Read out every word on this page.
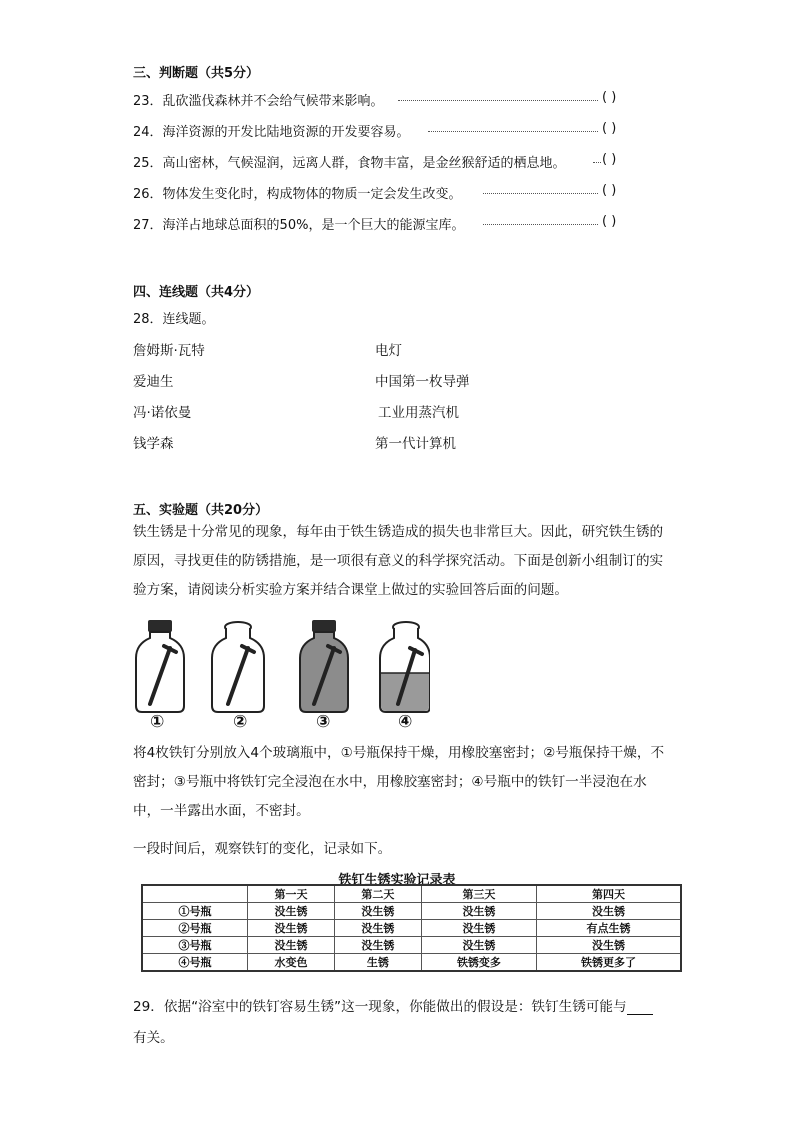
三、判断题（共5分）
23．乱砍滥伐森林并不会给气候带来影响。	( )
24．海洋资源的开发比陆地资源的开发要容易。	( )
25．高山密林，气候湿润，远离人群，食物丰富，是金丝猴舒适的栖息地。	( )
26．物体发生变化时，构成物体的物质一定会发生改变。	( )
27．海洋占地球总面积的50%，是一个巨大的能源宝库。	( )
四、连线题（共4分）
28．连线题。
詹姆斯·瓦特
爱迪生
冯·诺依曼
钱学森
电灯
中国第一枚导弹
工业用蒸汽机
第一代计算机
五、实验题（共20分）
铁生锈是十分常见的现象，每年由于铁生锈造成的损失也非常巨大。因此，研究铁生锈的原因，寻找更佳的防锈措施，是一项很有意义的科学探究活动。下面是创新小组制订的实验方案，请阅读分析实验方案并结合课堂上做过的实验回答后面的问题。
①	②	③	④
将4枚铁钉分别放入4个玻璃瓶中，①号瓶保持干燥，用橡胶塞密封；②号瓶保持干燥，不密封；③号瓶中将铁钉完全浸泡在水中，用橡胶塞密封；④号瓶中的铁钉一半浸泡在水中，一半露出水面，不密封。
一段时间后，观察铁钉的变化，记录如下。
铁钉生锈实验记录表
	第一天	第二天	第三天	第四天
①号瓶	没生锈	没生锈	没生锈	没生锈
②号瓶	没生锈	没生锈	没生锈	有点生锈
③号瓶	没生锈	没生锈	没生锈	没生锈
④号瓶	水变色	生锈	铁锈变多	铁锈更多了
29．依据“浴室中的铁钉容易生锈”这一现象，你能做出的假设是：铁钉生锈可能与
有关。
